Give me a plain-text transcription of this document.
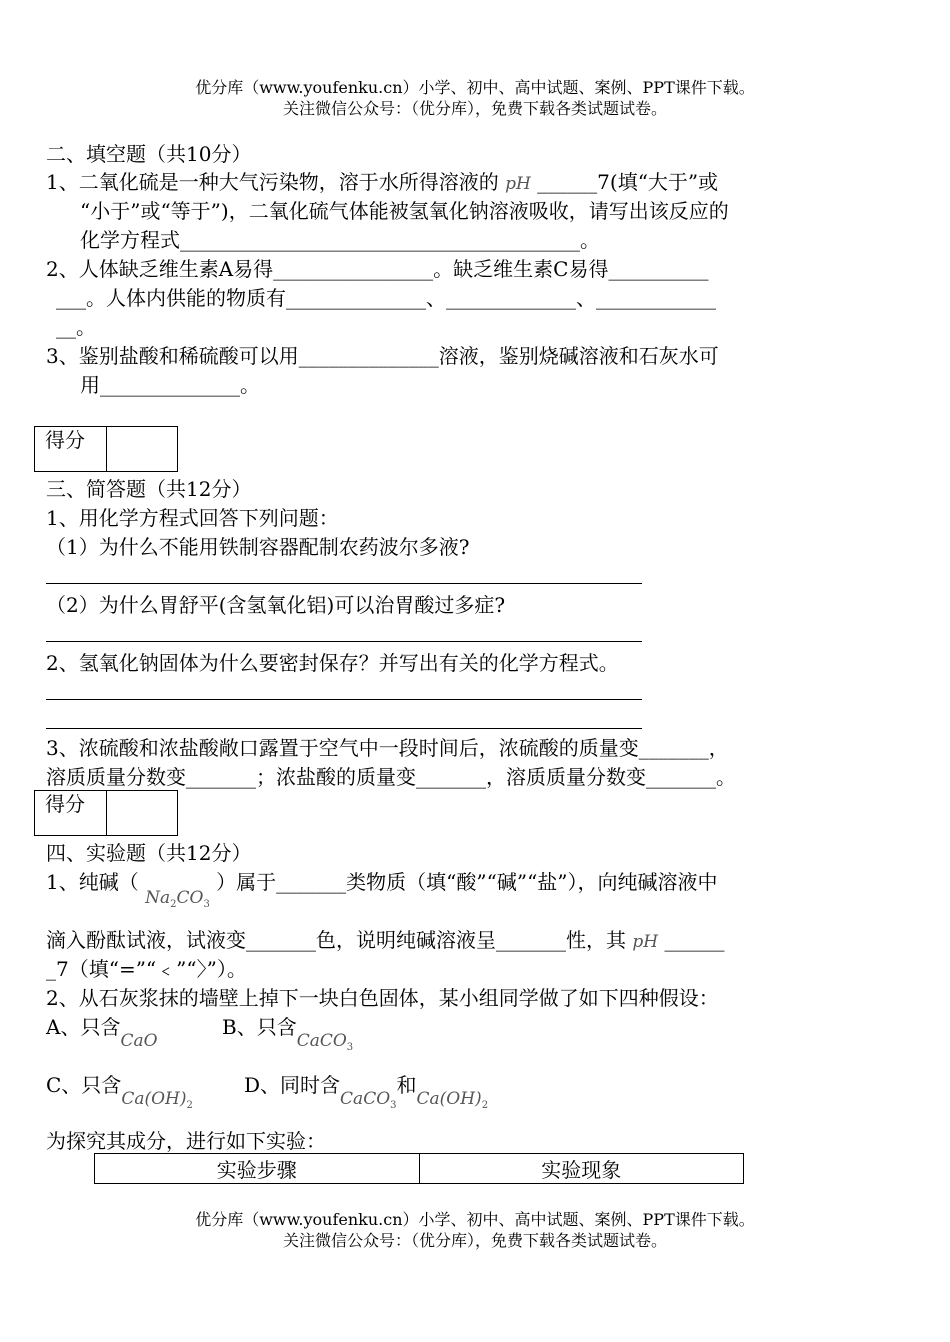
优分库（www.youfenku.cn）小学、初中、高中试题、案例、PPT课件下载。
关注微信公众号：（优分库），免费下载各类试题试卷。
二、填空题（共10分）
1、二氧化硫是一种大气污染物，溶于水所得溶液的 pH ______7(填“大于”或
“小于”或“等于”)，二氧化硫气体能被氢氧化钠溶液吸收，请写出该反应的
化学方程式________________________________________。
2、人体缺乏维生素A易得________________。缺乏维生素C易得__________
___。人体内供能的物质有______________、_____________、____________
__。
3、鉴别盐酸和稀硫酸可以用______________溶液，鉴别烧碱溶液和石灰水可
用______________。
得分
三、简答题（共12分）
1、用化学方程式回答下列问题：
（1）为什么不能用铁制容器配制农药波尔多液?
（2）为什么胃舒平(含氢氧化铝)可以治胃酸过多症?
2、氢氧化钠固体为什么要密封保存？并写出有关的化学方程式。
3、浓硫酸和浓盐酸敞口露置于空气中一段时间后，浓硫酸的质量变_______，
溶质质量分数变_______；浓盐酸的质量变_______，溶质质量分数变_______。
得分
四、实验题（共12分）
1、纯碱（ $_{Na_2CO_3}$ ）属于_______类物质（填“酸”“碱”“盐”），向纯碱溶液中
滴入酚酞试液，试液变_______色，说明纯碱溶液呈_______性，其 pH ______
_7（填“=”“﹤”“〉”）。
2、从石灰浆抹的墙壁上掉下一块白色固体，某小组同学做了如下四种假设：
A、只含$_{CaO}$
B、只含$_{CaCO_3}$
C、只含$_{Ca(OH)_2}$
D、同时含$_{CaCO_3}$和$_{Ca(OH)_2}$
为探究其成分，进行如下实验：
实验步骤	实验现象
优分库（www.youfenku.cn）小学、初中、高中试题、案例、PPT课件下载。
关注微信公众号：（优分库），免费下载各类试题试卷。
